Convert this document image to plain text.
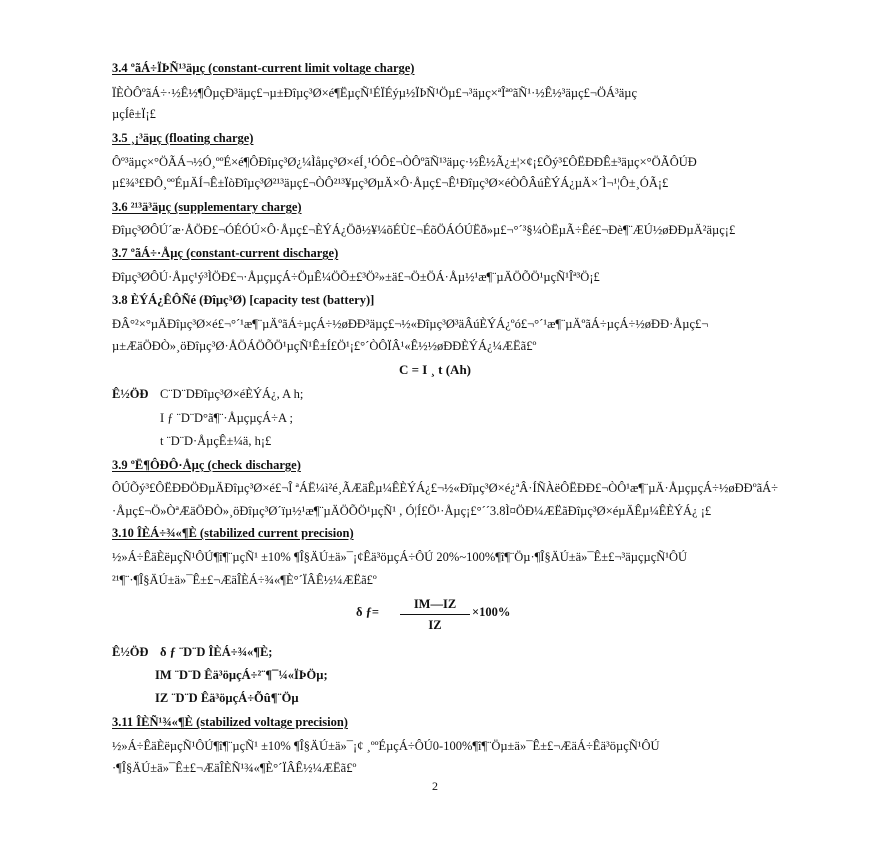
3.4 ºãÁ÷ÏÞÑ¹³äµç (constant-current limit voltage charge)
ÏÈÒÔºãÁ÷·½Ê½¶ÔµçÐ³äµç£¬µ±Ðîµç³Ø×é¶ËµçÑ¹ÉÏÉýµ½ÏÞÑ¹Öµ£¬³äµç×ªÎªºãÑ¹·½Ê½³äµç£¬ÖÁ³äµç
µçÍê±Ï¡£
3.5 ¸¡³äµç (floating charge)
Ôº³äµç×°ÖÃÁ¬½Ó¸ººÉ×é¶ÔÐîµç³Ø¿¼Ìåµç³Ø×éÍ¸¹ÓÔ£¬ÒÔºãÑ¹³äµç·½Ê½Ã¿±¦×¢¡£Õý³£ÔËÐÐÊ±³äµç×°ÖÃÔÚÐ
µ£¾³£ÐÔ¸ººÉµÄÍ¬Ê±ÏòÐîµç³Ø²¹³äµç£¬ÒÔ²¹³¥µç³ØµÄ×Ô·Åµç£¬Ê¹Ðîµç³Ø×éÒÔÂúÈÝÁ¿µÄ×´Ì¬¹¦Ô±¸ÓÃ¡£
3.6 ²¹³ä³äµç (supplementary charge)
Ðîµç³ØÔÚ´æ·ÅÖÐ£¬ÓÉÓÚ×Ô·Åµç£¬ÈÝÁ¿Öð½¥¼õÉÙ£¬ÉõÖÁÓÚËð»µ£¬°´³§¼ÒËµÃ÷Êé£¬Ðè¶¨ÆÚ½øÐÐµÄ²äµç¡£
3.7 ºãÁ÷·Åµç (constant-current discharge)
Ðîµç³ØÔÚ·Åµç¹ý³ÌÖÐ£¬·ÅµçµçÁ÷ÖµÊ¼ÖÕ±£³Ö²»±ä£¬Ö±ÖÁ·Åµ½¹æ¶¨µÄÖÕÖ¹µçÑ¹Îª³Ö¡£
3.8 ÈÝÁ¿ÊÔÑé (Ðîµç³Ø) [capacity test (battery)]
ÐÂ°²×°µÄÐîµç³Ø×é£¬°´¹æ¶¨µÄºãÁ÷µçÁ÷½øÐÐ³äµç£¬½«Ðîµç³Ø³äÂúÈÝÁ¿ºó£¬°´¹æ¶¨µÄºãÁ÷µçÁ÷½øÐÐ·Åµç£¬
µ±ÆäÖÐÒ»¸öÐîµç³Ø·ÅÖÁÖÕÖ¹µçÑ¹Ê±Í£Ö¹¡£°´ÒÔÏÂ¹«Ê½½øÐÐÈÝÁ¿¼ÆËã£º
C = I ¸ t (Ah)
Ê½ÖÐ C¨D¨DÐîµç³Ø×éÈÝÁ¿, A h;
I ƒ ¨D¨D°ã¶¨·ÅµçµçÁ÷A ;
t ¨D¨D·ÅµçÊ±¼ä, h¡£
3.9 ºË¶ÔÐÔ·Åµç (check discharge)
ÔÚÕý³£ÔËÐÐÖÐµÄÐîµç³Ø×é£¬Î ªÁË¼ì²é¸ÃÆäÊµ¼ÊÈÝÁ¿£¬½«Ðîµç³Ø×é¿ªÂ·ÍÑÀëÔËÐÐ£¬ÒÔ¹æ¶¨µÄ·ÅµçµçÁ÷½øÐÐºãÁ÷
·Åµç£¬Ö»ÒªÆäÖÐÒ»¸öÐîµç³Ø´ïµ½¹æ¶¨µÄÖÕÖ¹µçÑ¹ , Ó¦Í£Ö¹·Åµç¡£°´´3.8Ì¤ÖÐ¼ÆËãÐîµç³Ø×éµÄÊµ¼ÊÈÝÁ¿ ¡£
3.10 ÎÈÁ÷¾«¶È (stabilized current precision)
½»Á÷ÊäÈëµçÑ¹ÔÚ¶î¶¨µçÑ¹ ±10% ¶Î§ÄÚ±ä»¯¡¢Êä³öµçÁ÷ÔÚ 20%~100%¶î¶¨Öµ·¶Î§ÄÚ±ä»¯Ê±£¬³äµçµçÑ¹ÔÚ
²¹¶¨·¶Î§ÄÚ±ä»¯Ê±£¬ÆäÎÈÁ÷¾«¶È°´ÏÂÊ½¼ÆËã£º
δ ƒ=
IM—IZ
IZ
×100%
Ê½ÖÐ δ ƒ ¨D¨D ÎÈÁ÷¾«¶È;
IM ¨D¨D Êä³öµçÁ÷²¨¶¯¼«ÏÞÖµ;
IZ ¨D¨D Êä³öµçÁ÷Õû¶¨Öµ
3.11 ÎÈÑ¹¾«¶È (stabilized voltage precision)
½»Á÷ÊäÈëµçÑ¹ÔÚ¶î¶¨µçÑ¹ ±10% ¶Î§ÄÚ±ä»¯¡¢ ¸ººÉµçÁ÷ÔÚ0-100%¶î¶¨Öµ±ä»¯Ê±£¬ÆäÁ÷Êä³öµçÑ¹ÔÚ
·¶Î§ÄÚ±ä»¯Ê±£¬ÆäÎÈÑ¹¾«¶È°´ÏÂÊ½¼ÆËã£º
2
